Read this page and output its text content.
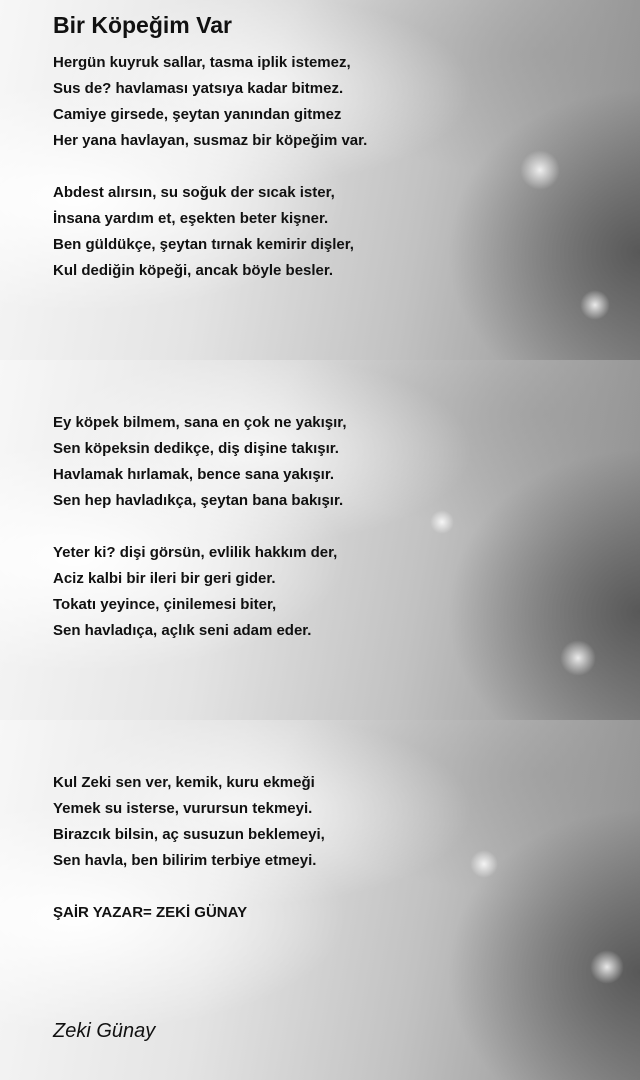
Bir Köpeğim Var
Hergün kuyruk sallar, tasma iplik istemez,
Sus de? havlaması yatsıya kadar bitmez.
Camiye girsede, şeytan yanından gitmez
Her yana havlayan, susmaz bir köpeğim var.
Abdest alırsın, su soğuk der sıcak ister,
İnsana yardım et, eşekten beter kişner.
Ben güldükçe, şeytan tırnak kemirir dişler,
Kul dediğin köpeği, ancak böyle besler.
Ey köpek bilmem, sana en çok ne yakışır,
Sen köpeksin dedikçe, diş dişine takışır.
Havlamak hırlamak, bence sana yakışır.
Sen hep havladıkça, şeytan bana bakışır.
Yeter ki? dişi görsün, evlilik hakkım der,
Aciz kalbi bir ileri bir geri gider.
Tokatı yeyince, çinilemesi biter,
Sen havladıça, açlık seni adam eder.
Kul Zeki sen ver, kemik, kuru ekmeği
Yemek su isterse, vurursun tekmeyi.
Birazcık bilsin, aç susuzun beklemeyi,
Sen havla, ben bilirim terbiye etmeyi.
ŞAİR YAZAR= ZEKİ GÜNAY
Zeki Günay
